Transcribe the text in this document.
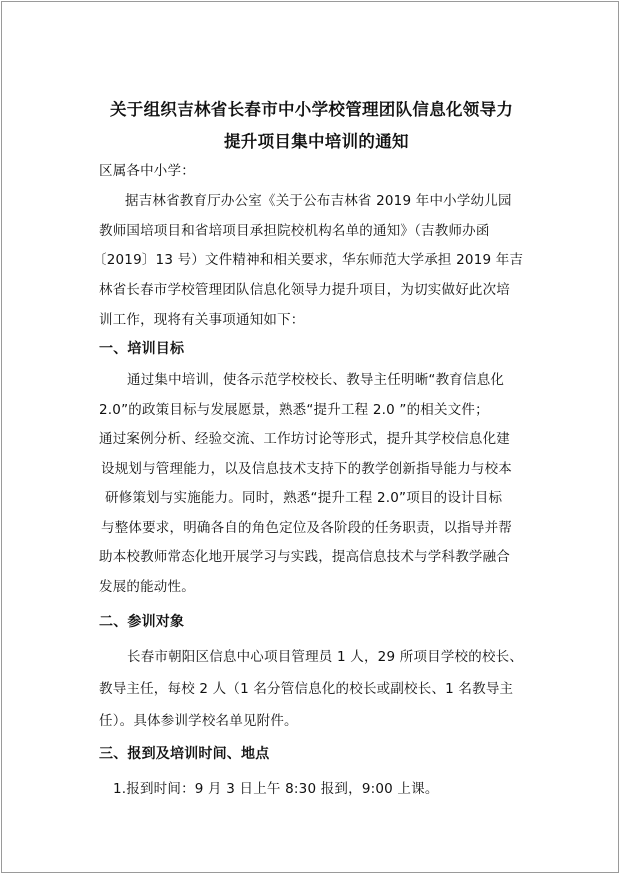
关于组织吉林省长春市中小学校管理团队信息化领导力
提升项目集中培训的通知
区属各中小学：
据吉林省教育厅办公室《关于公布吉林省 2019 年中小学幼儿园
教师国培项目和省培项目承担院校机构名单的通知》（吉教师办函
〔2019〕13 号）文件精神和相关要求，华东师范大学承担 2019 年吉
林省长春市学校管理团队信息化领导力提升项目，为切实做好此次培
训工作，现将有关事项通知如下：
一、培训目标
通过集中培训，使各示范学校校长、教导主任明晰“教育信息化
2.0”的政策目标与发展愿景，熟悉“提升工程 2.0 ”的相关文件；
通过案例分析、经验交流、工作坊讨论等形式，提升其学校信息化建
设规划与管理能力，以及信息技术支持下的教学创新指导能力与校本
研修策划与实施能力。同时，熟悉“提升工程 2.0”项目的设计目标
与整体要求，明确各自的角色定位及各阶段的任务职责，以指导并帮
助本校教师常态化地开展学习与实践，提高信息技术与学科教学融合
发展的能动性。
二、参训对象
长春市朝阳区信息中心项目管理员 1 人，29 所项目学校的校长、
教导主任，每校 2 人（1 名分管信息化的校长或副校长、1 名教导主
任）。具体参训学校名单见附件。
三、报到及培训时间、地点
1.报到时间：9 月 3 日上午 8:30 报到，9:00 上课。
